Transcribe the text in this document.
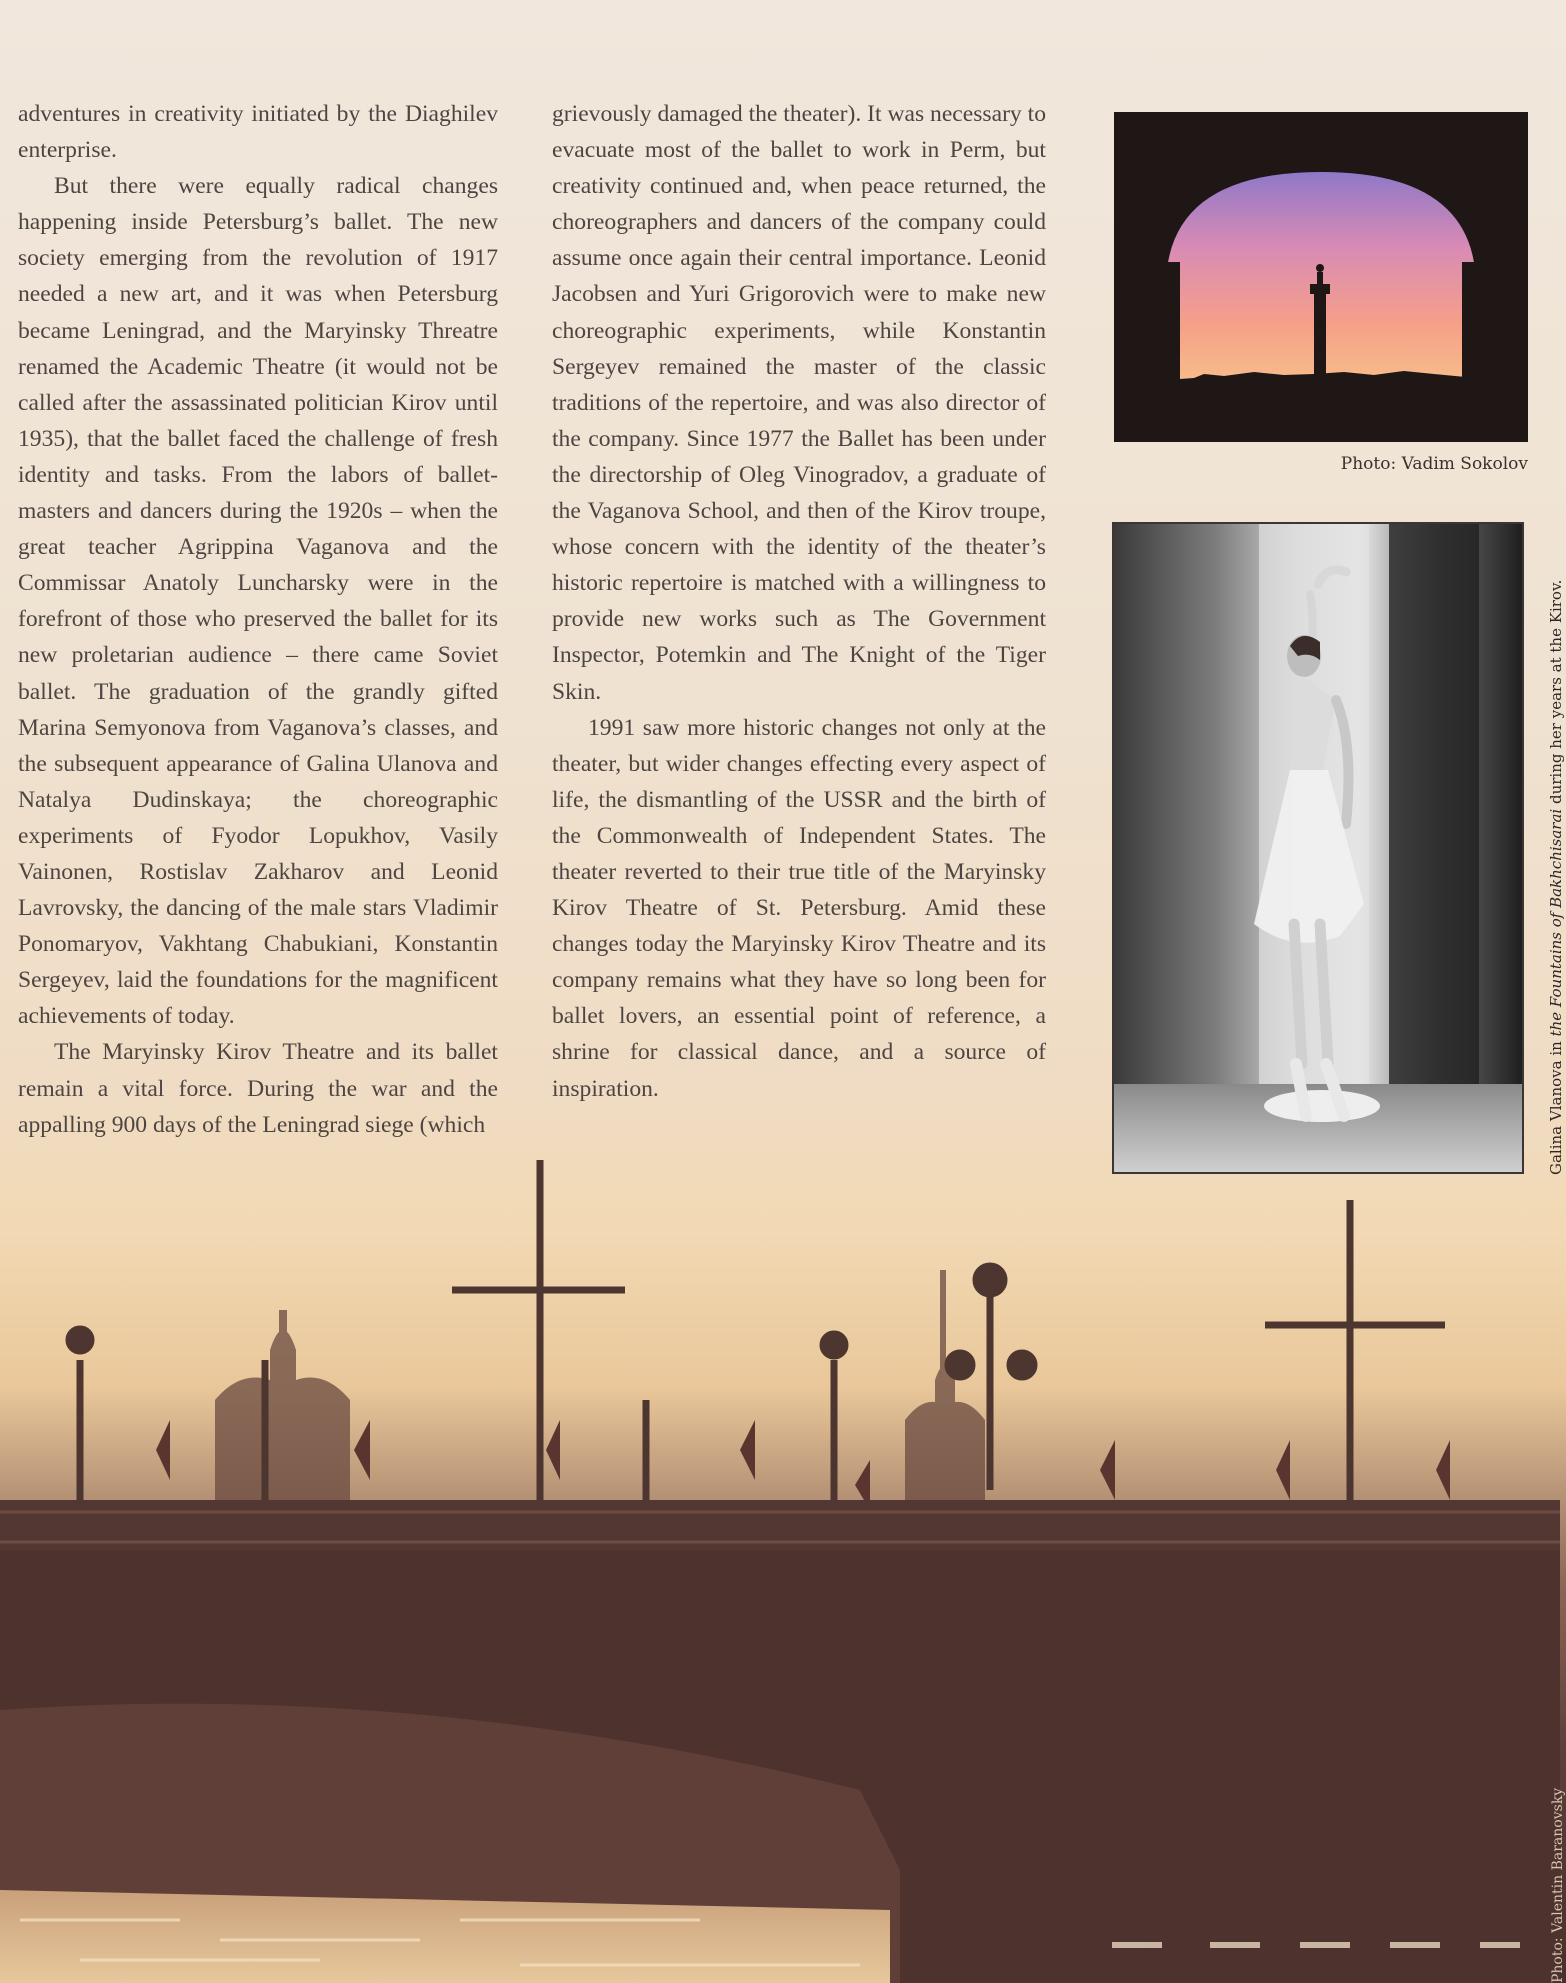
adventures in creativity initiated by the Diaghilev enterprise.

But there were equally radical changes happening inside Petersburg’s ballet. The new society emerging from the revolution of 1917 needed a new art, and it was when Petersburg became Leningrad, and the Maryinsky Threatre renamed the Academic Theatre (it would not be called after the assassinated politician Kirov until 1935), that the ballet faced the challenge of fresh identity and tasks. From the labors of ballet-masters and dancers during the 1920s – when the great teacher Agrippina Vaganova and the Commissar Anatoly Luncharsky were in the forefront of those who preserved the ballet for its new proletarian audience – there came Soviet ballet. The graduation of the grandly gifted Marina Semyonova from Vaganova’s classes, and the subsequent appearance of Galina Ulanova and Natalya Dudinskaya; the choreographic experiments of Fyodor Lopukhov, Vasily Vainonen, Rostislav Zakharov and Leonid Lavrovsky, the dancing of the male stars Vladimir Ponomaryov, Vakhtang Chabukiani, Konstantin Sergeyev, laid the foundations for the magnificent achievements of today.

The Maryinsky Kirov Theatre and its ballet remain a vital force. During the war and the appalling 900 days of the Leningrad siege (which

grievously damaged the theater). It was necessary to evacuate most of the ballet to work in Perm, but creativity continued and, when peace returned, the choreographers and dancers of the company could assume once again their central importance. Leonid Jacobsen and Yuri Grigorovich were to make new choreographic experiments, while Konstantin Sergeyev remained the master of the classic traditions of the repertoire, and was also director of the company. Since 1977 the Ballet has been under the directorship of Oleg Vinogradov, a graduate of the Vaganova School, and then of the Kirov troupe, whose concern with the identity of the theater’s historic repertoire is matched with a willingness to provide new works such as The Government Inspector, Potemkin and The Knight of the Tiger Skin.

1991 saw more historic changes not only at the theater, but wider changes effecting every aspect of life, the dismantling of the USSR and the birth of the Commonwealth of Independent States. The theater reverted to their true title of the Maryinsky Kirov Theatre of St. Petersburg. Amid these changes today the Maryinsky Kirov Theatre and its company remains what they have so long been for ballet lovers, an essential point of reference, a shrine for classical dance, and a source of inspiration.

Photo: Vadim Sokolov
Galina Vlanova in the Fountains of Bakhchisarai during her years at the Kirov.
Photo: Valentin Baranovsky
